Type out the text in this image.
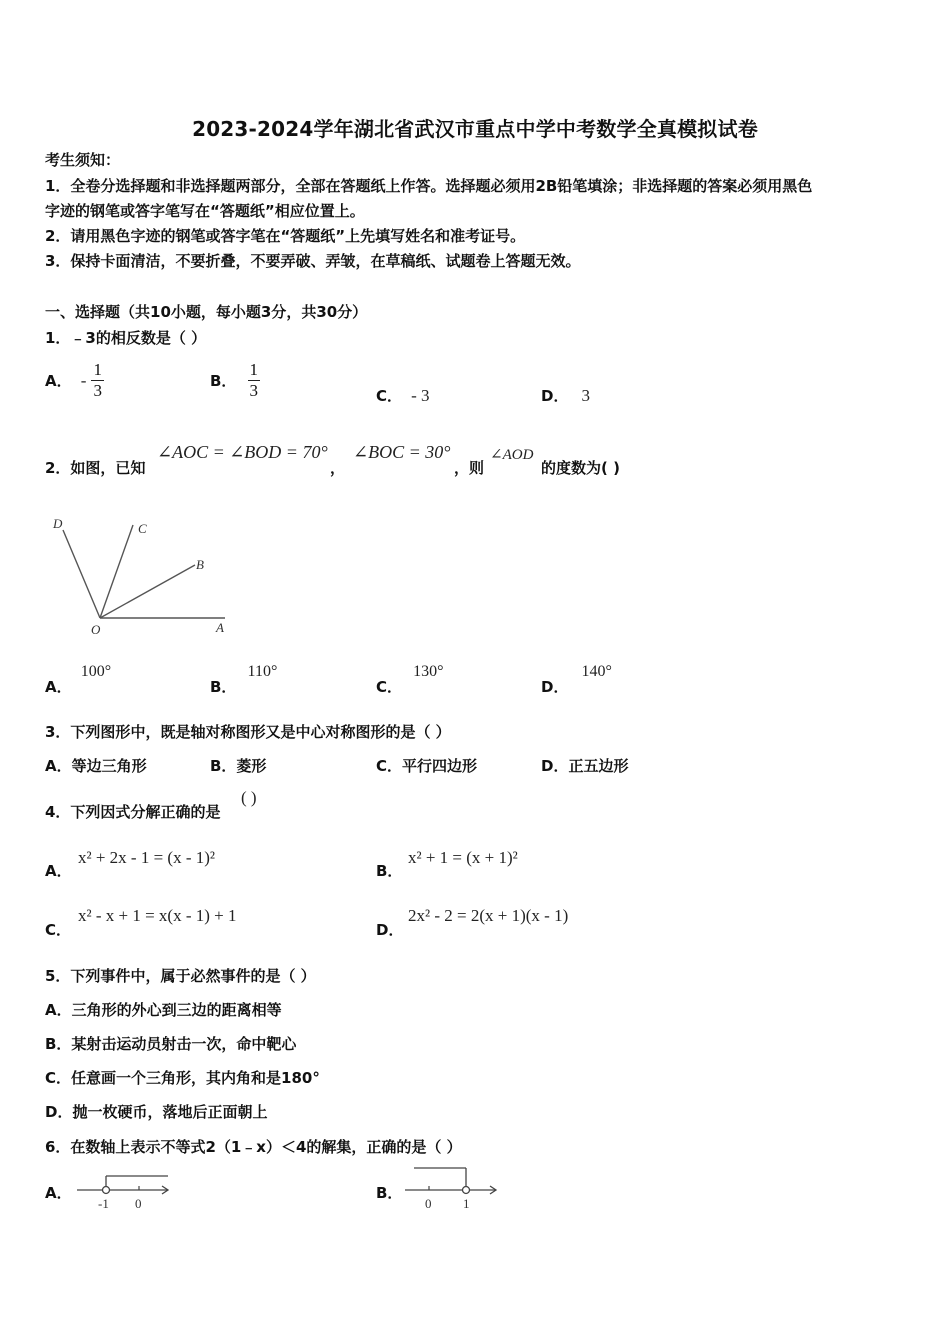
2023-2024学年湖北省武汉市重点中学中考数学全真模拟试卷
考生须知：
1．全卷分选择题和非选择题两部分，全部在答题纸上作答。选择题必须用2B铅笔填涂；非选择题的答案必须用黑色
字迹的钢笔或答字笔写在“答题纸”相应位置上。
2．请用黑色字迹的钢笔或答字笔在“答题纸”上先填写姓名和准考证号。
3．保持卡面清洁，不要折叠，不要弄破、弄皱，在草稿纸、试题卷上答题无效。
一、选择题（共10小题，每小题3分，共30分）
1．﹣3的相反数是（ ）
A． - $\frac{1}{3}$	B． $\frac{1}{3}$	C． - 3	D． 3
2．如图，已知
∠AOC = ∠BOD = 70°
，
∠BOC = 30°
，则
∠AOD
的度数为( )
D	C
B
O	A
A． 100°
B． 110°
C． 130°
D． 140°
3．下列图形中，既是轴对称图形又是中心对称图形的是（ ）
A．等边三角形	B．菱形	C．平行四边形	D．正五边形
4．下列因式分解正确的是
( )
A．
x² + 2x - 1 = (x - 1)²
B．
x² + 1 = (x + 1)²
C．
x² - x + 1 = x(x - 1) + 1
D．
2x² - 2 = 2(x + 1)(x - 1)
5．下列事件中，属于必然事件的是（ ）
A．三角形的外心到三边的距离相等
B．某射击运动员射击一次，命中靶心
C．任意画一个三角形，其内角和是180°
D．抛一枚硬币，落地后正面朝上
6．在数轴上表示不等式2（1﹣x）＜4的解集，正确的是（ ）
A．
-1 0
B．
0 1
